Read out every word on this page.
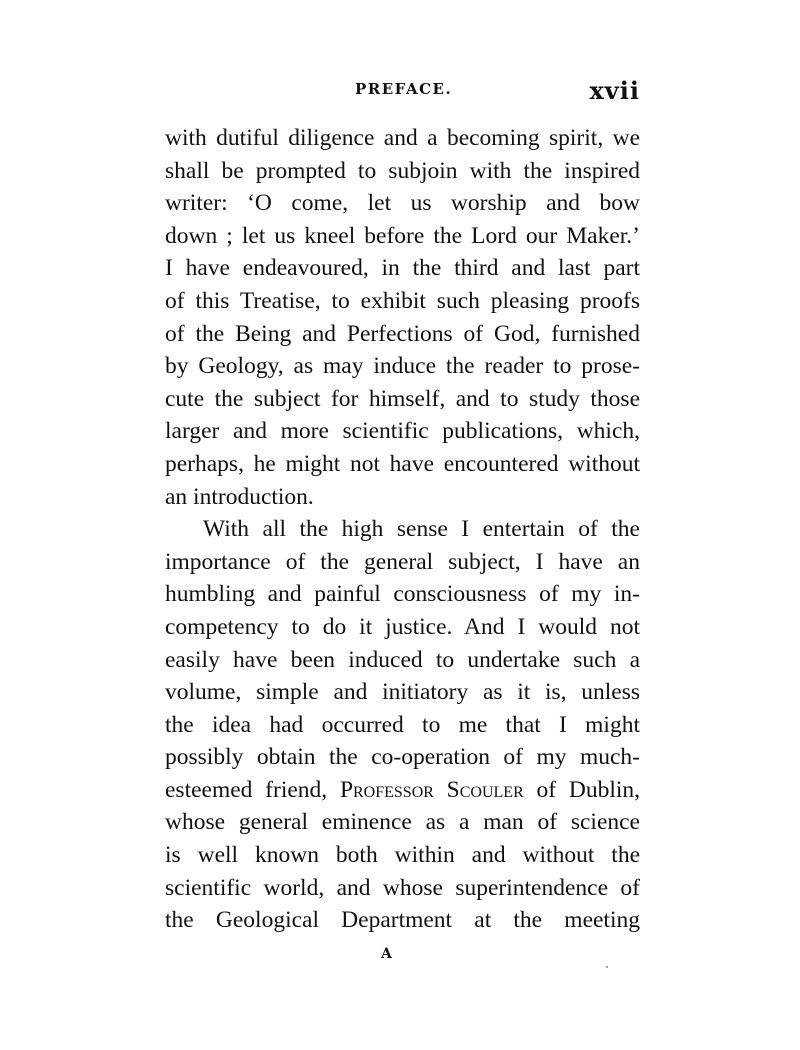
PREFACE.	xvii
with dutiful diligence and a becoming spirit, we
shall be prompted to subjoin with the inspired
writer: ‘O come, let us worship and bow
down ; let us kneel before the Lord our Maker.’
I have endeavoured, in the third and last part
of this Treatise, to exhibit such pleasing proofs
of the Being and Perfections of God, furnished
by Geology, as may induce the reader to prose-
cute the subject for himself, and to study those
larger and more scientific publications, which,
perhaps, he might not have encountered without
an introduction.
With all the high sense I entertain of the
importance of the general subject, I have an
humbling and painful consciousness of my in-
competency to do it justice. And I would not
easily have been induced to undertake such a
volume, simple and initiatory as it is, unless
the idea had occurred to me that I might
possibly obtain the co-operation of my much-
esteemed friend, Professor Scouler of Dublin,
whose general eminence as a man of science
is well known both within and without the
scientific world, and whose superintendence of
the Geological Department at the meeting
A
